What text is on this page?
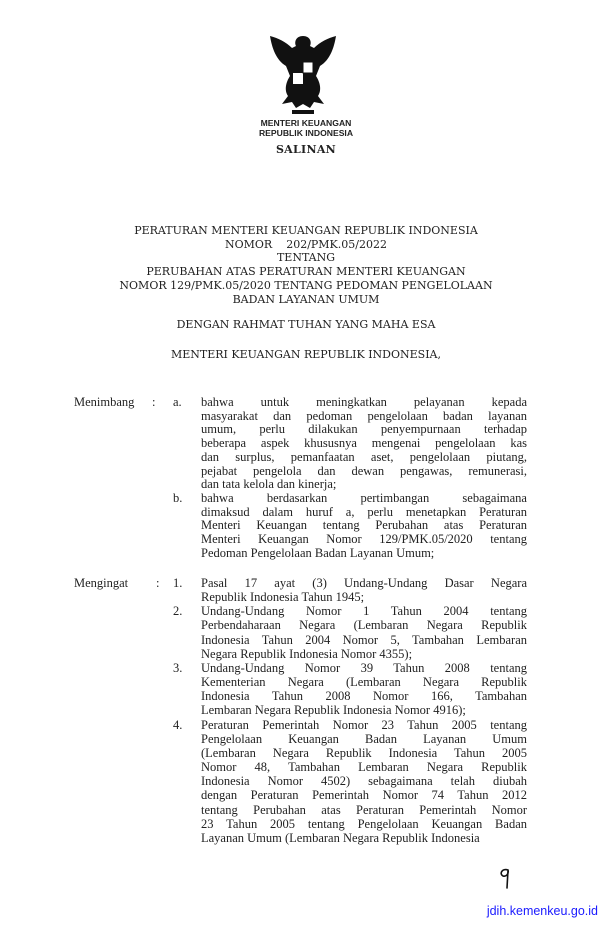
MENTERI KEUANGAN
REPUBLIK INDONESIA
SALINAN
PERATURAN MENTERI KEUANGAN REPUBLIK INDONESIA
NOMOR    202/PMK.05/2022
TENTANG
PERUBAHAN ATAS PERATURAN MENTERI KEUANGAN
NOMOR 129/PMK.05/2020 TENTANG PEDOMAN PENGELOLAAN
BADAN LAYANAN UMUM
DENGAN RAHMAT TUHAN YANG MAHA ESA
MENTERI KEUANGAN REPUBLIK INDONESIA,
Menimbang : a. bahwa untuk meningkatkan pelayanan kepada
masyarakat dan pedoman pengelolaan badan layanan
umum, perlu dilakukan penyempurnaan terhadap
beberapa aspek khususnya mengenai pengelolaan kas
dan surplus, pemanfaatan aset, pengelolaan piutang,
pejabat pengelola dan dewan pengawas, remunerasi,
dan tata kelola dan kinerja;
b. bahwa berdasarkan pertimbangan sebagaimana
dimaksud dalam huruf a, perlu menetapkan Peraturan
Menteri Keuangan tentang Perubahan atas Peraturan
Menteri Keuangan Nomor 129/PMK.05/2020 tentang
Pedoman Pengelolaan Badan Layanan Umum;
Mengingat : 1. Pasal 17 ayat (3) Undang-Undang Dasar Negara
Republik Indonesia Tahun 1945;
2. Undang-Undang Nomor 1 Tahun 2004 tentang
Perbendaharaan Negara (Lembaran Negara Republik
Indonesia Tahun 2004 Nomor 5, Tambahan Lembaran
Negara Republik Indonesia Nomor 4355);
3. Undang-Undang Nomor 39 Tahun 2008 tentang
Kementerian Negara (Lembaran Negara Republik
Indonesia Tahun 2008 Nomor 166, Tambahan
Lembaran Negara Republik Indonesia Nomor 4916);
4. Peraturan Pemerintah Nomor 23 Tahun 2005 tentang
Pengelolaan Keuangan Badan Layanan Umum
(Lembaran Negara Republik Indonesia Tahun 2005
Nomor 48, Tambahan Lembaran Negara Republik
Indonesia Nomor 4502) sebagaimana telah diubah
dengan Peraturan Pemerintah Nomor 74 Tahun 2012
tentang Perubahan atas Peraturan Pemerintah Nomor
23 Tahun 2005 tentang Pengelolaan Keuangan Badan
Layanan Umum (Lembaran Negara Republik Indonesia
jdih.kemenkeu.go.id
